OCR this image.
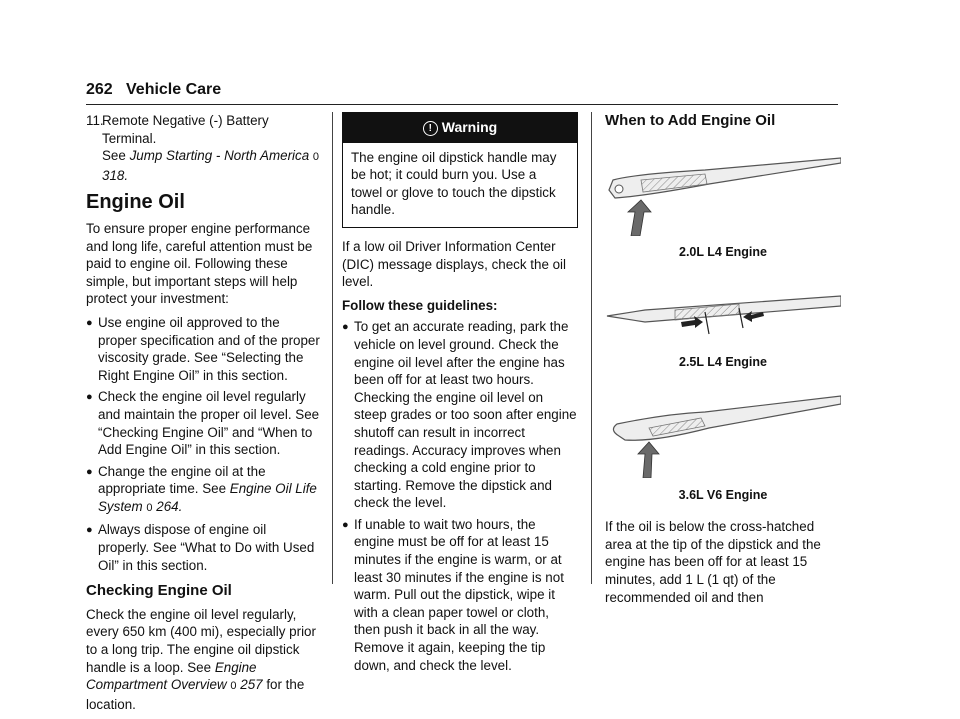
262 Vehicle Care
11.
Remote Negative (-) Battery Terminal.
See Jump Starting - North America 0 318.
Engine Oil

To ensure proper engine performance and long life, careful attention must be paid to engine oil. Following these simple, but important steps will help protect your investment:

● Use engine oil approved to the proper specification and of the proper viscosity grade. See “Selecting the Right Engine Oil” in this section.
● Check the engine oil level regularly and maintain the proper oil level. See “Checking Engine Oil” and “When to Add Engine Oil” in this section.
● Change the engine oil at the appropriate time. See Engine Oil Life System 0 264.
● Always dispose of engine oil properly. See “What to Do with Used Oil” in this section.
Checking Engine Oil

Check the engine oil level regularly, every 650 km (400 mi), especially prior to a long trip. The engine oil dipstick handle is a loop. See Engine Compartment Overview 0 257 for the location.

! Warning
The engine oil dipstick handle may be hot; it could burn you. Use a towel or glove to touch the dipstick handle.

If a low oil Driver Information Center (DIC) message displays, check the oil level.

Follow these guidelines:
● To get an accurate reading, park the vehicle on level ground. Check the engine oil level after the engine has been off for at least two hours. Checking the engine oil level on steep grades or too soon after engine shutoff can result in incorrect readings. Accuracy improves when checking a cold engine prior to starting. Remove the dipstick and check the level.
● If unable to wait two hours, the engine must be off for at least 15 minutes if the engine is warm, or at least 30 minutes if the engine is not warm. Pull out the dipstick, wipe it with a clean paper towel or cloth, then push it back in all the way. Remove it again, keeping the tip down, and check the level.
When to Add Engine Oil
2.0L L4 Engine
2.5L L4 Engine
3.6L V6 Engine

If the oil is below the cross-hatched area at the tip of the dipstick and the engine has been off for at least 15 minutes, add 1 L (1 qt) of the recommended oil and then
